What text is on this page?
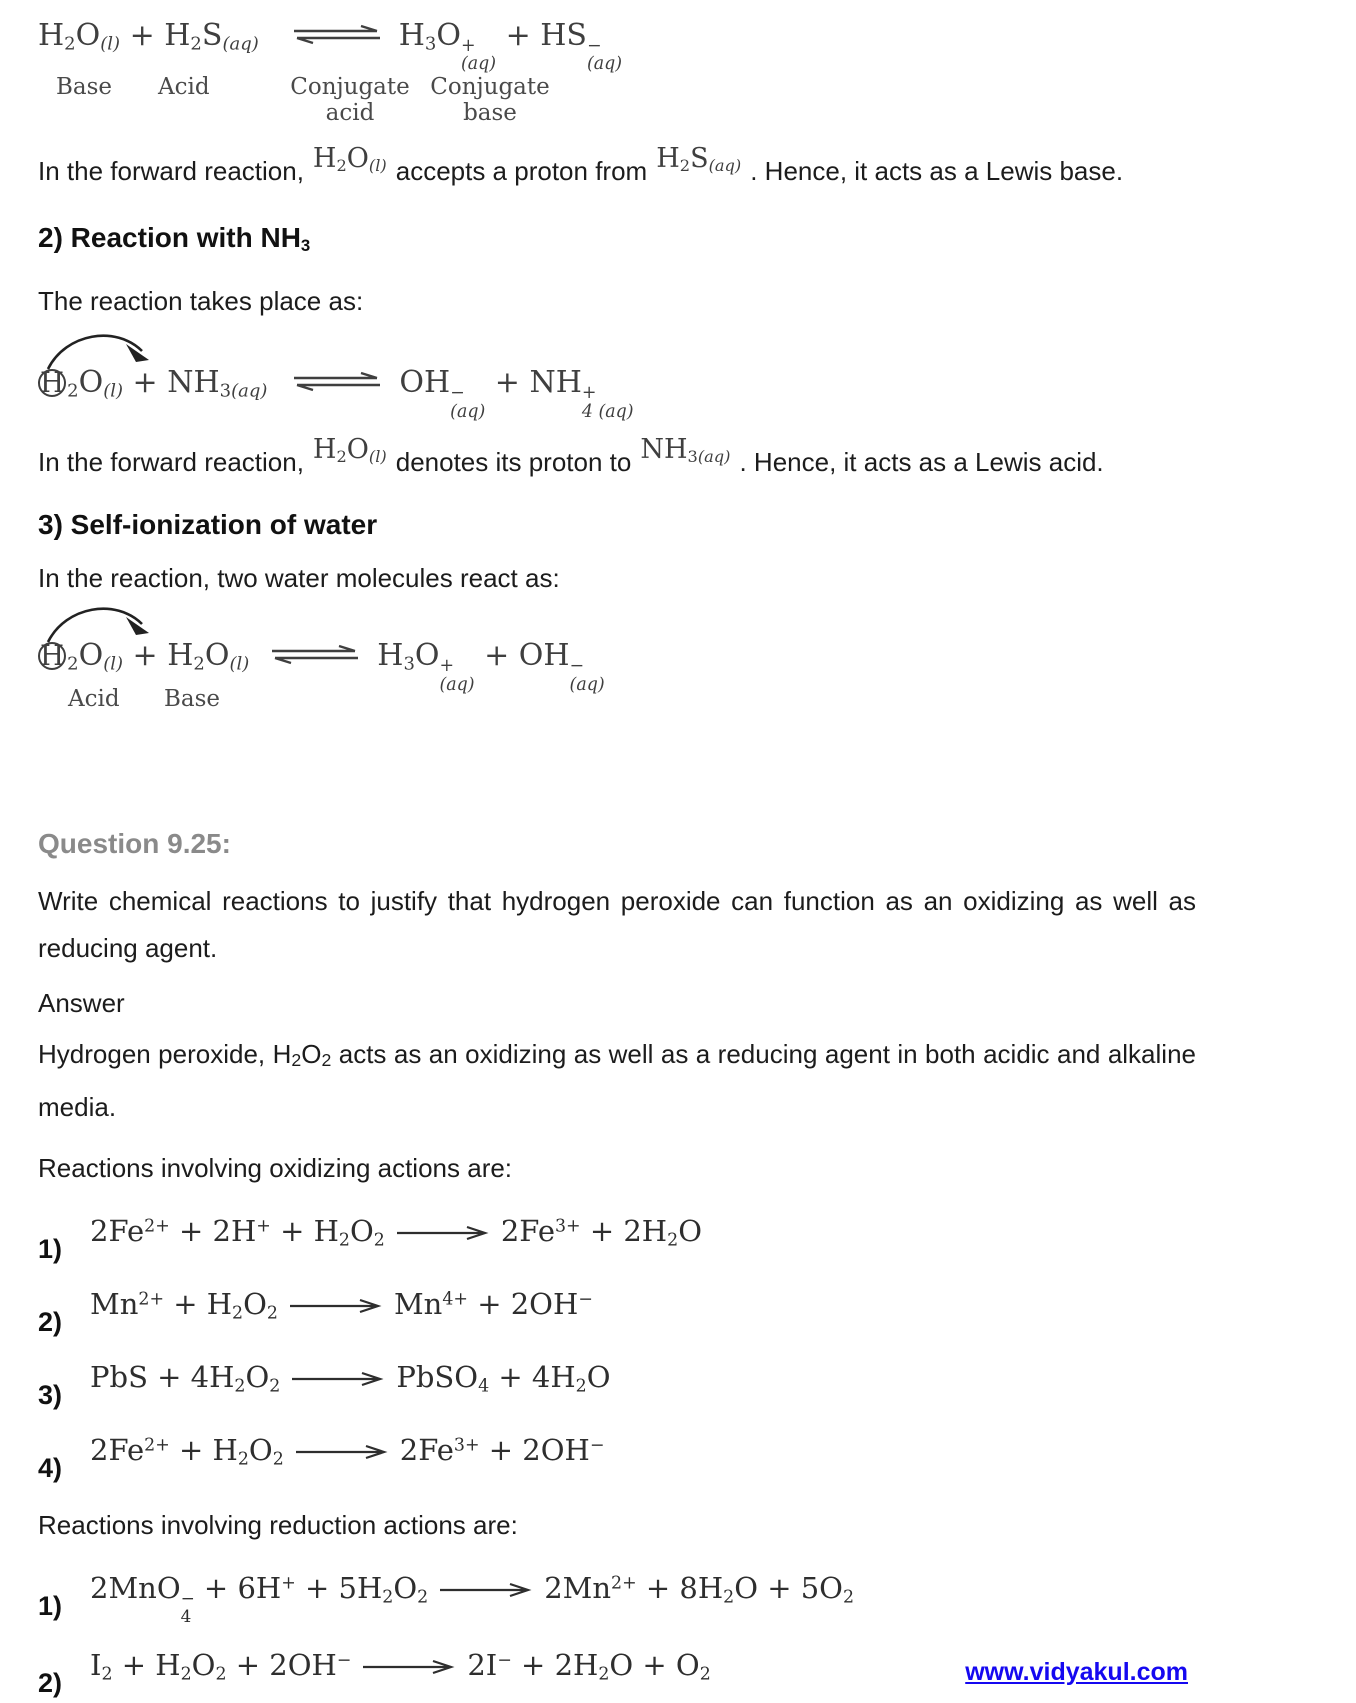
$H_2O_{(l)} + H_2S_{(aq)}$ ⇌ $H_3O$ +
(aq)
+ HS −
(aq)
Base Acid	Conjugate
acid
Conjugate
base

In the forward reaction, $H_2O_{(l)}$ accepts a proton from $H_2S_{(aq)}$ . Hence, it acts as a Lewis base.

2) Reaction with $NH_3$

The reaction takes place as:

H $_2O_{(l)} + NH_{3(aq)}$ ⇌ OH −
(aq)
+ NH +
4 (aq)

In the forward reaction, $H_2O_{(l)}$ denotes its proton to $NH_{3(aq)}$ . Hence, it acts as a Lewis acid.

3) Self-ionization of water

In the reaction, two water molecules react as:

H $_2O_{(l)} + H_2O_{(l)}$ ⇌ $H_3O$ +
(aq)
+ OH −
(aq)
Acid Base

Question 9.25:

Write chemical reactions to justify that hydrogen peroxide can function as an oxidizing as well as reducing agent.

Answer

Hydrogen peroxide, H2O2 acts as an oxidizing as well as a reducing agent in both acidic and alkaline media.

Reactions involving oxidizing actions are:

1)
$2Fe^{2+} + 2H^+ + H_2O_2$	$2Fe^{3+} + 2H_2O$
2)
$Mn^{2+} + H_2O_2$	$Mn^{4+} + 2OH^-$
3)
PbS + $4H_2O_2$	PbSO$_4$ + $4H_2O$
4)
$2Fe^{2+} + H_2O_2$	$2Fe^{3+} + 2OH^-$

Reactions involving reduction actions are:

1)
2MnO −
4
+ $6H^+ + 5H_2O_2$	$2Mn^{2+} + 8H_2O + 5O_2$
2)
$I_2 + H_2O_2 + 2OH^-$	$2I^- + 2H_2O + O_2$	www.vidyakul.com
